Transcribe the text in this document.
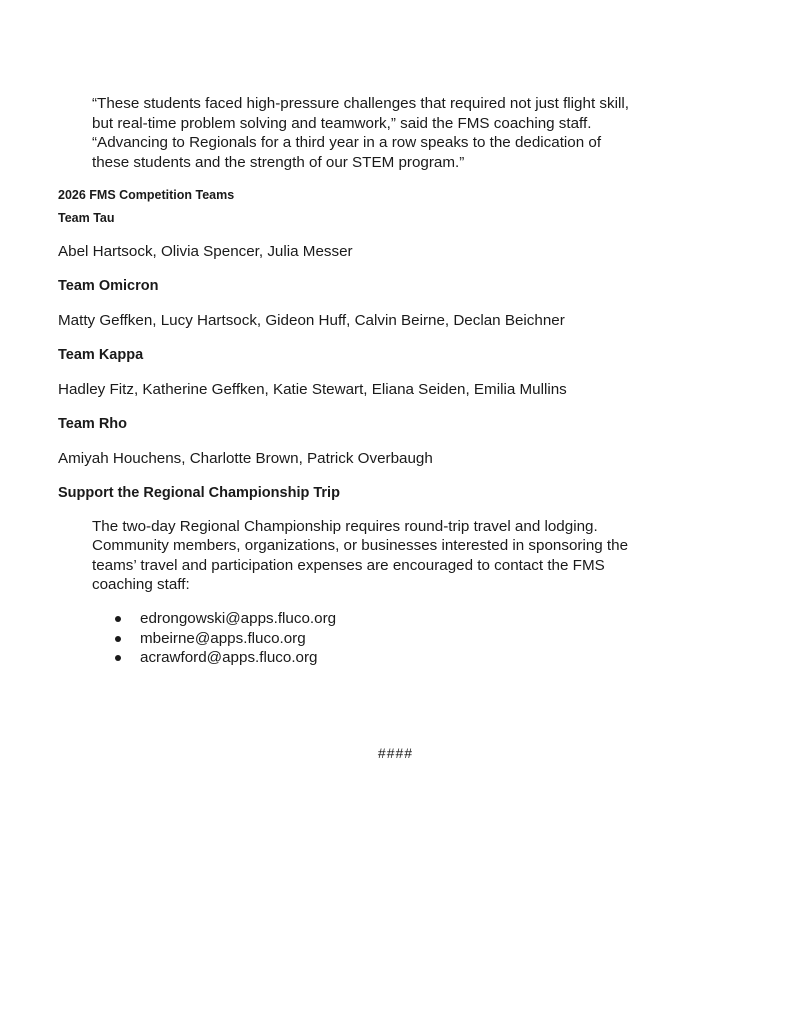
“These students faced high-pressure challenges that required not just flight skill,

but real-time problem solving and teamwork,” said the FMS coaching staff.

“Advancing to Regionals for a third year in a row speaks to the dedication of

these students and the strength of our STEM program.”

2026 FMS Competition Teams

Team Tau

Abel Hartsock, Olivia Spencer, Julia Messer

Team Omicron

Matty Geffken, Lucy Hartsock, Gideon Huff, Calvin Beirne, Declan Beichner

Team Kappa

Hadley Fitz, Katherine Geffken, Katie Stewart, Eliana Seiden, Emilia Mullins

Team Rho

Amiyah Houchens, Charlotte Brown, Patrick Overbaugh

Support the Regional Championship Trip

The two-day Regional Championship requires round-trip travel and lodging.
Community members, organizations, or businesses interested in sponsoring the
teams’ travel and participation expenses are encouraged to contact the FMS
coaching staff:
edrongowski@apps.fluco.org
mbeirne@apps.fluco.org
acrawford@apps.fluco.org

####
